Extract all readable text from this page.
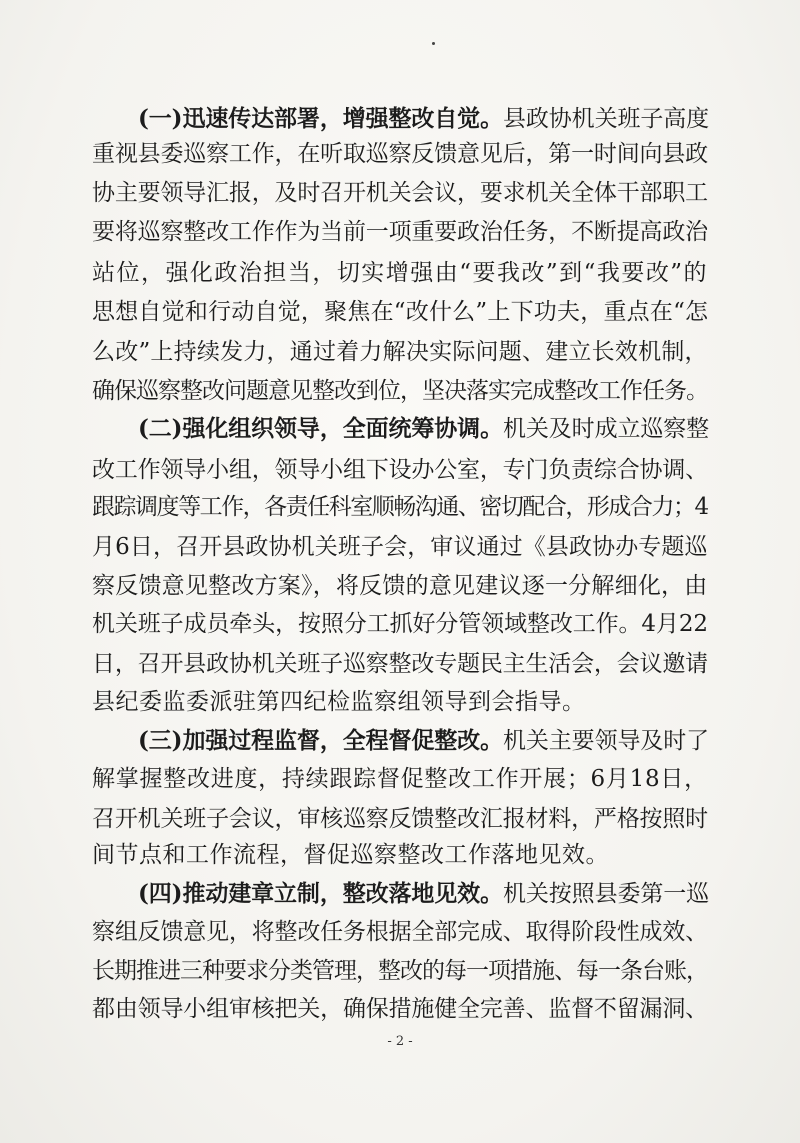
(一)迅速传达部署，增强整改自觉。县政协机关班子高度
重视县委巡察工作，在听取巡察反馈意见后，第一时间向县政
协主要领导汇报，及时召开机关会议，要求机关全体干部职工
要将巡察整改工作作为当前一项重要政治任务，不断提高政治
站位，强化政治担当，切实增强由“要我改”到“我要改”的
思想自觉和行动自觉，聚焦在“改什么”上下功夫，重点在“怎
么改”上持续发力，通过着力解决实际问题、建立长效机制，
确保巡察整改问题意见整改到位，坚决落实完成整改工作任务。
(二)强化组织领导，全面统筹协调。机关及时成立巡察整
改工作领导小组，领导小组下设办公室，专门负责综合协调、
跟踪调度等工作，各责任科室顺畅沟通、密切配合，形成合力；4
月6日，召开县政协机关班子会，审议通过《县政协办专题巡
察反馈意见整改方案》，将反馈的意见建议逐一分解细化，由
机关班子成员牵头，按照分工抓好分管领域整改工作。4月22
日，召开县政协机关班子巡察整改专题民主生活会，会议邀请
县纪委监委派驻第四纪检监察组领导到会指导。
(三)加强过程监督，全程督促整改。机关主要领导及时了
解掌握整改进度，持续跟踪督促整改工作开展；6月18日，
召开机关班子会议，审核巡察反馈整改汇报材料，严格按照时
间节点和工作流程，督促巡察整改工作落地见效。
(四)推动建章立制，整改落地见效。机关按照县委第一巡
察组反馈意见，将整改任务根据全部完成、取得阶段性成效、
长期推进三种要求分类管理，整改的每一项措施、每一条台账，
都由领导小组审核把关，确保措施健全完善、监督不留漏洞、
- 2 -
